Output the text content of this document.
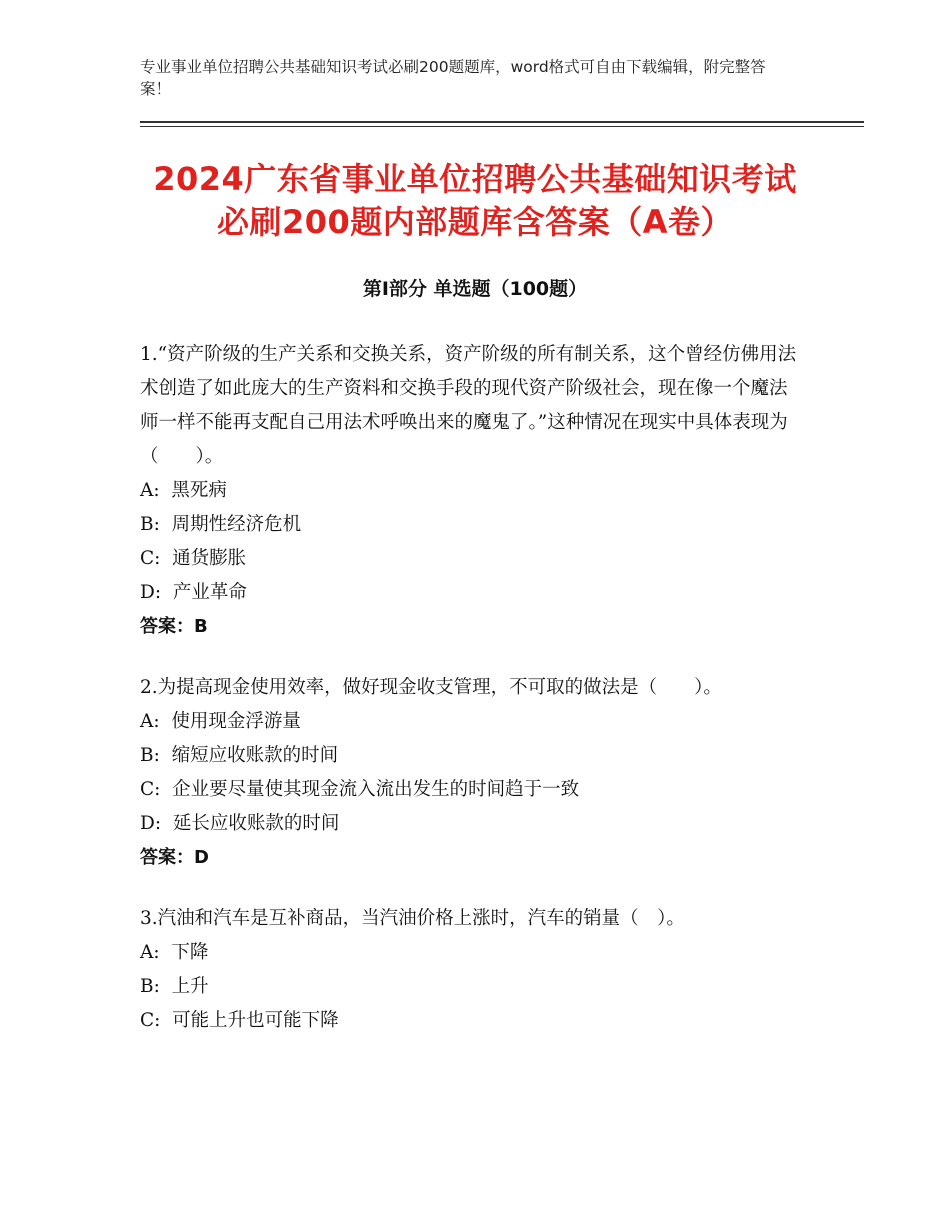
专业事业单位招聘公共基础知识考试必刷200题题库，word格式可自由下载编辑，附完整答案！
2024广东省事业单位招聘公共基础知识考试
必刷200题内部题库含答案（A卷）
第Ⅰ部分 单选题（100题）
1.“资产阶级的生产关系和交换关系，资产阶级的所有制关系，这个曾经仿佛用法术创造了如此庞大的生产资料和交换手段的现代资产阶级社会，现在像一个魔法师一样不能再支配自己用法术呼唤出来的魔鬼了。”这种情况在现实中具体表现为（　　）。
A:  黑死病
B:  周期性经济危机
C:  通货膨胀
D:  产业革命
答案：B
2.为提高现金使用效率，做好现金收支管理，不可取的做法是（　　）。
A:  使用现金浮游量
B:  缩短应收账款的时间
C:  企业要尽量使其现金流入流出发生的时间趋于一致
D:  延长应收账款的时间
答案：D
3.汽油和汽车是互补商品，当汽油价格上涨时，汽车的销量（　）。
A:  下降
B:  上升
C:  可能上升也可能下降
